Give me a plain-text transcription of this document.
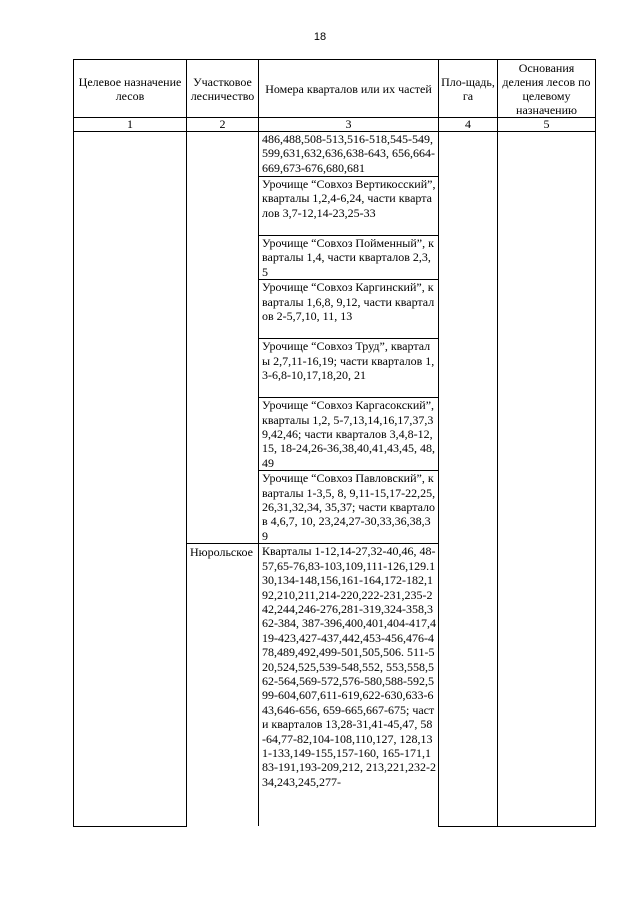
18
Целевое назначение лесов	Участковое лесничество	Номера кварталов или их частей	Пло-щадь, га	Основания деления лесов по целевому назначению
1	2	3	4	5
		486,488,508-513,516-518,545-549,599,631,632,636,638-643, 656,664-669,673-676,680,681		
		Урочище “Совхоз Вертикосский”, кварталы 1,2,4-6,24, части кварталов 3,7-12,14-23,25-33		
		Урочище “Совхоз Пойменный”, кварталы 1,4, части кварталов 2,3,5		
		Урочище “Совхоз Каргинский”, кварталы 1,6,8, 9,12, части кварталов 2-5,7,10, 11, 13		
		Урочище “Совхоз Труд”, кварталы 2,7,11-16,19; части кварталов 1,3-6,8-10,17,18,20, 21		
		Урочище “Совхоз Каргасокский”, кварталы 1,2, 5-7,13,14,16,17,37,39,42,46; части кварталов 3,4,8-12,15, 18-24,26-36,38,40,41,43,45, 48, 49		
		Урочище “Совхоз Павловский”, кварталы 1-3,5, 8, 9,11-15,17-22,25,26,31,32,34, 35,37; части кварталов 4,6,7, 10, 23,24,27-30,33,36,38,39		
	Нюрольское	Кварталы 1-12,14-27,32-40,46, 48-57,65-76,83-103,109,111-126,129.130,134-148,156,161-164,172-182,192,210,211,214-220,222-231,235-242,244,246-276,281-319,324-358,362-384, 387-396,400,401,404-417,419-423,427-437,442,453-456,476-478,489,492,499-501,505,506. 511-520,524,525,539-548,552, 553,558,562-564,569-572,576-580,588-592,599-604,607,611-619,622-630,633-643,646-656, 659-665,667-675; части кварталов 13,28-31,41-45,47, 58-64,77-82,104-108,110,127, 128,131-133,149-155,157-160, 165-171,183-191,193-209,212, 213,221,232-234,243,245,277-		
